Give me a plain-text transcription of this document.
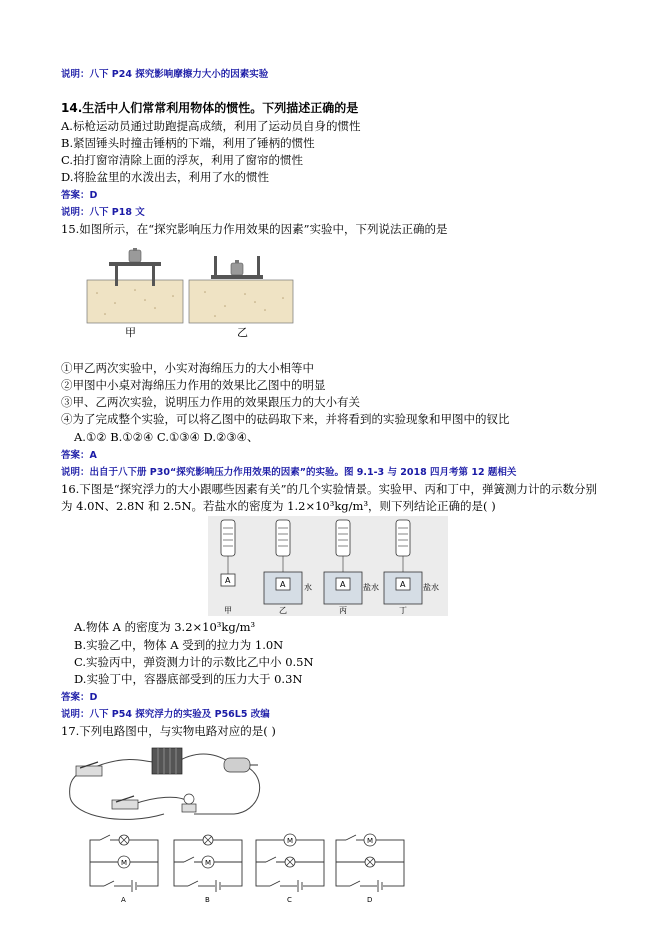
说明：八下 P24 探究影响摩擦力大小的因素实验
14.生活中人们常常利用物体的惯性。下列描述正确的是
A.标枪运动员通过助跑提高成绩，利用了运动员自身的惯性
B.紧固锤头时撞击锤柄的下端，利用了锤柄的惯性
C.拍打窗帘清除上面的浮灰，利用了窗帘的惯性
D.将脸盆里的水泼出去，利用了水的惯性
答案：D
说明：八下 P18 文
15.如图所示，在“探究影响压力作用效果的因素”实验中，下列说法正确的是
甲	乙
①甲乙两次实验中，小实对海绵压力的大小相等中
②甲图中小桌对海绵压力作用的效果比乙图中的明显
③甲、乙两次实验，说明压力作用的效果跟压力的大小有关
④为了完成整个实验，可以将乙图中的砝码取下来，并将看到的实验现象和甲图中的钗比
A.①② B.①②④ C.①③④ D.②③④、
答案：A
说明：出自于八下册 P30“探究影响压力作用效果的因素”的实验。图 9.1-3 与 2018 四月考第 12 题相关
16.下图是“探究浮力的大小跟哪些因素有关”的几个实验情景。实验甲、丙和丁中，弹簧测力计的示数分别
为 4.0N、2.8N 和 2.5N。若盐水的密度为 1.2×10³kg/m³，则下列结论正确的是( )
A	A	A	A
水	盐水	盐水
甲	乙	丙	丁
A.物体 A 的密度为 3.2×10³kg/m³
B.实验乙中，物体 A 受到的拉力为 1.0N
C.实验丙中，弹资测力计的示数比乙中小 0.5N
D.实验丁中，容器底部受到的压力大于 0.3N
答案：D
说明：八下 P54 探究浮力的实验及 P56L5 改编
17.下列电路图中，与实物电路对应的是( )
M	M
M	M
A	B	C	D
